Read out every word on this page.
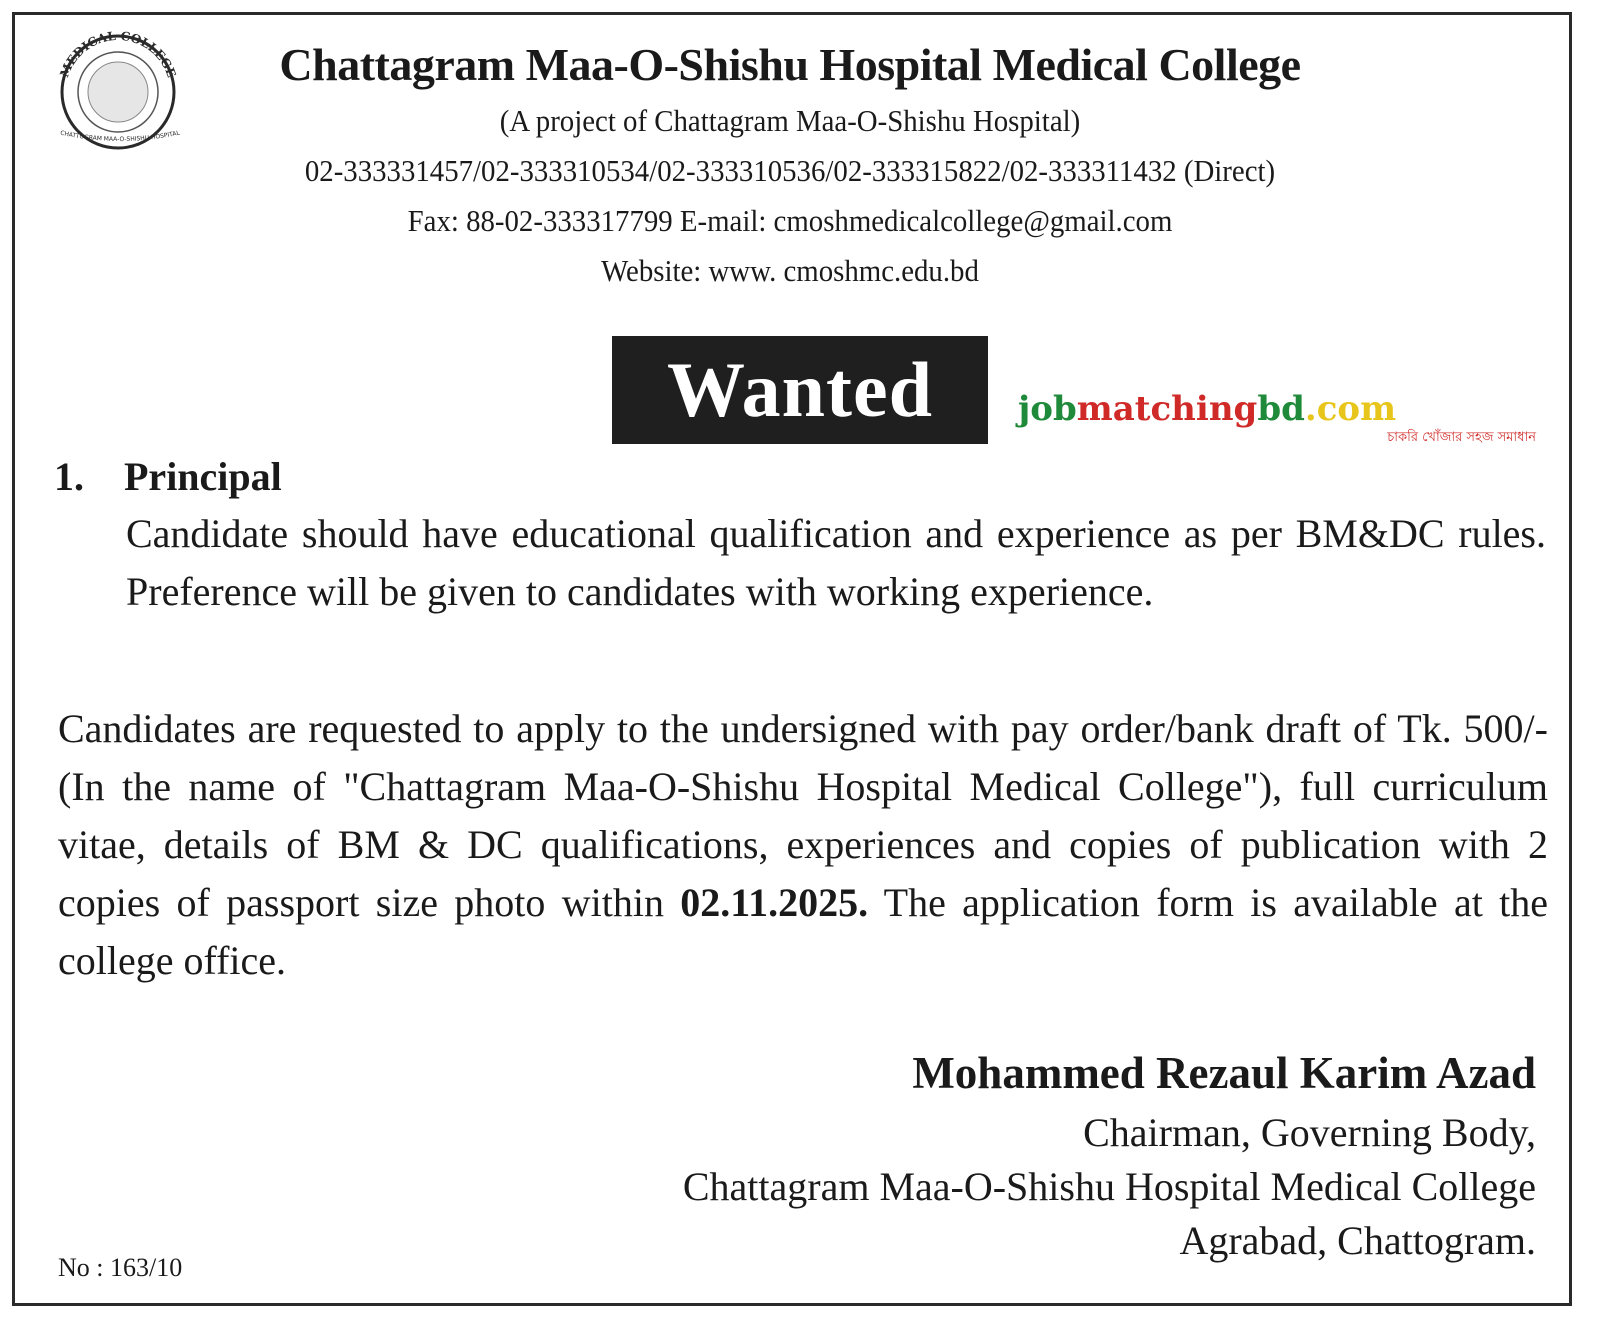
MEDICAL COLLEGE
CHATTOGRAM MAA-O-SHISHU HOSPITAL
Chattagram Maa-O-Shishu Hospital Medical College
(A project of Chattagram Maa-O-Shishu Hospital)
02-333331457/02-333310534/02-333310536/02-333315822/02-333311432 (Direct)
Fax: 88-02-333317799 E-mail: cmoshmedicalcollege@gmail.com
Website: www. cmoshmc.edu.bd
Wanted jobmatchingbd.com
চাকরি খোঁজার সহজ সমাধান
1. Principal
Candidate should have educational qualification and experience as per BM&DC rules. Preference will be given to candidates with working experience.
Candidates are requested to apply to the undersigned with pay order/bank draft of Tk. 500/- (In the name of "Chattagram Maa-O-Shishu Hospital Medical College"), full curriculum vitae, details of BM & DC qualifications, experiences and copies of publication with 2 copies of passport size photo within 02.11.2025. The application form is available at the college office.
Mohammed Rezaul Karim Azad
Chairman, Governing Body,
Chattagram Maa-O-Shishu Hospital Medical College
Agrabad, Chattogram.
No : 163/10
